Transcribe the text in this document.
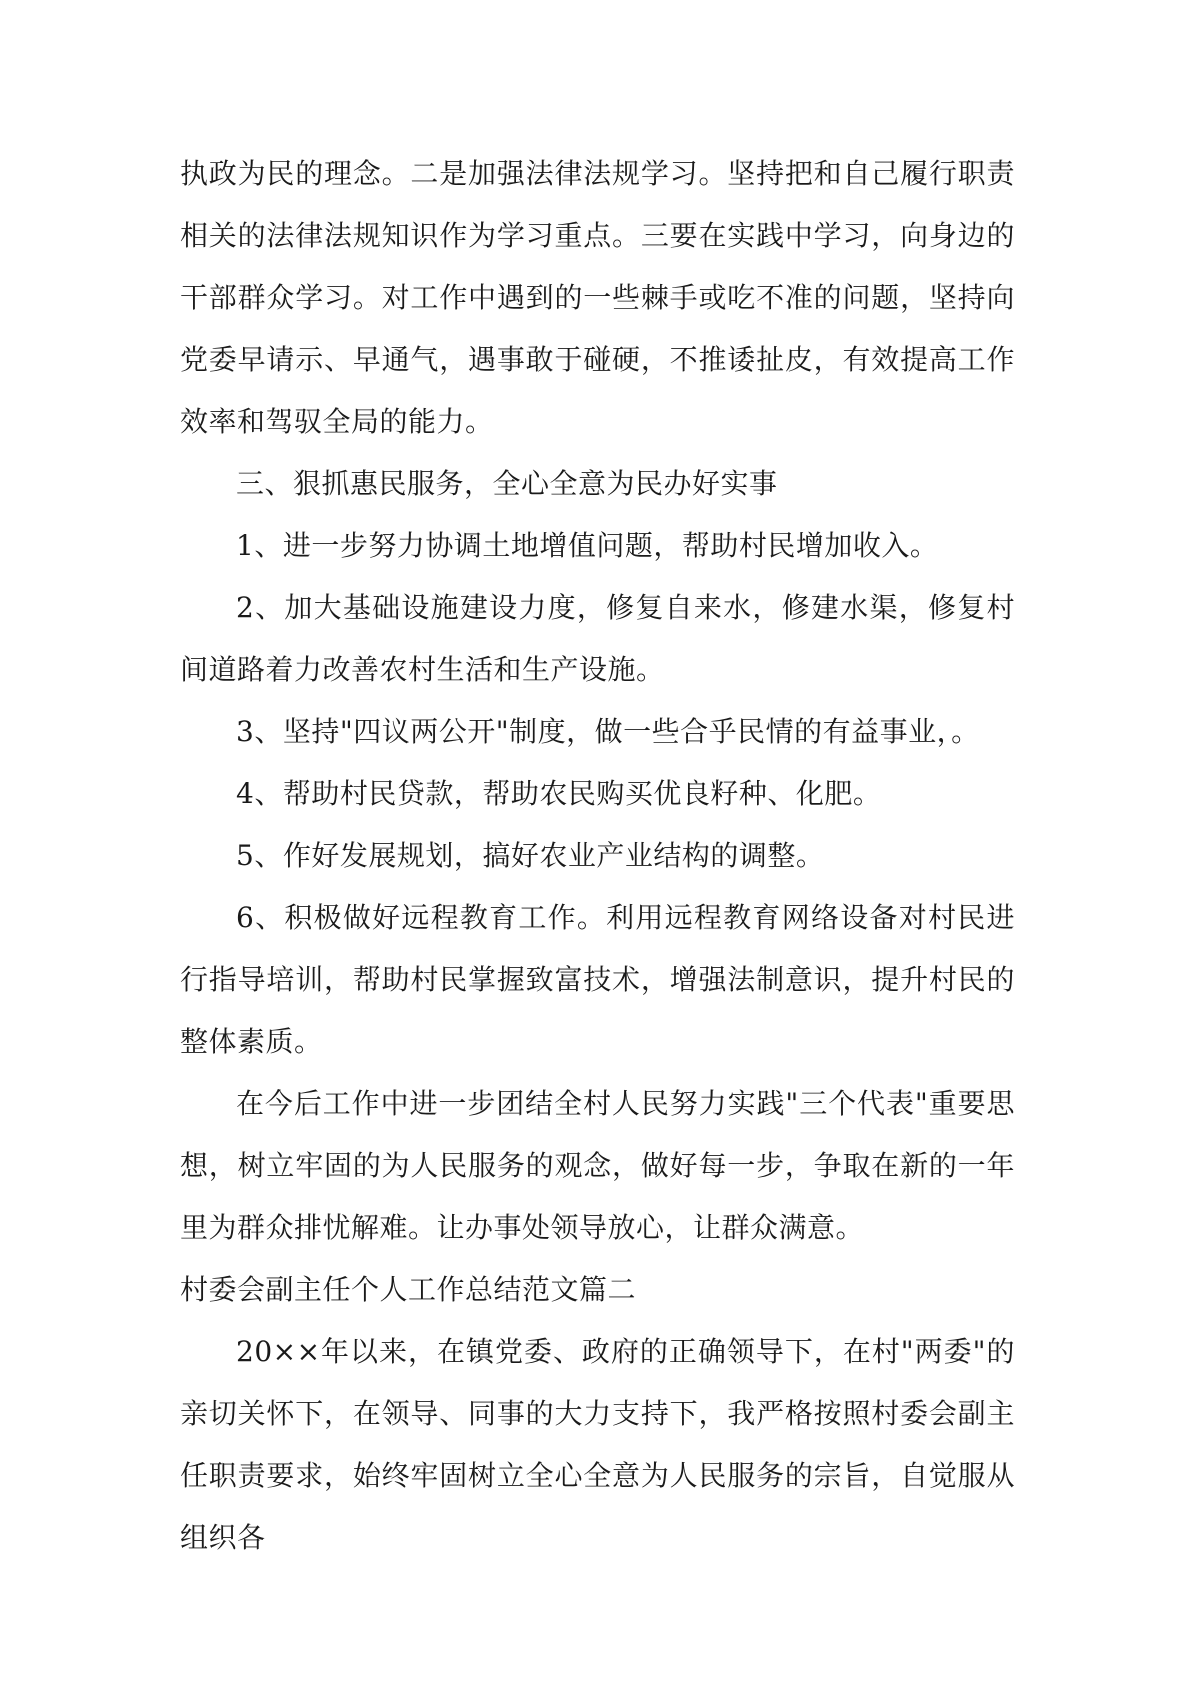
执政为民的理念。二是加强法律法规学习。坚持把和自己履行职责相关的法律法规知识作为学习重点。三要在实践中学习，向身边的干部群众学习。对工作中遇到的一些棘手或吃不准的问题，坚持向党委早请示、早通气，遇事敢于碰硬，不推诿扯皮，有效提高工作效率和驾驭全局的能力。

三、狠抓惠民服务，全心全意为民办好实事

1、进一步努力协调土地增值问题，帮助村民增加收入。

2、加大基础设施建设力度，修复自来水，修建水渠，修复村间道路着力改善农村生活和生产设施。

3、坚持"四议两公开"制度，做一些合乎民情的有益事业，。

4、帮助村民贷款，帮助农民购买优良籽种、化肥。

5、作好发展规划，搞好农业产业结构的调整。

6、积极做好远程教育工作。利用远程教育网络设备对村民进行指导培训，帮助村民掌握致富技术，增强法制意识，提升村民的整体素质。

在今后工作中进一步团结全村人民努力实践"三个代表"重要思想，树立牢固的为人民服务的观念，做好每一步，争取在新的一年里为群众排忧解难。让办事处领导放心，让群众满意。

村委会副主任个人工作总结范文篇二

20××年以来，在镇党委、政府的正确领导下，在村"两委"的亲切关怀下，在领导、同事的大力支持下，我严格按照村委会副主任职责要求，始终牢固树立全心全意为人民服务的宗旨，自觉服从组织各
